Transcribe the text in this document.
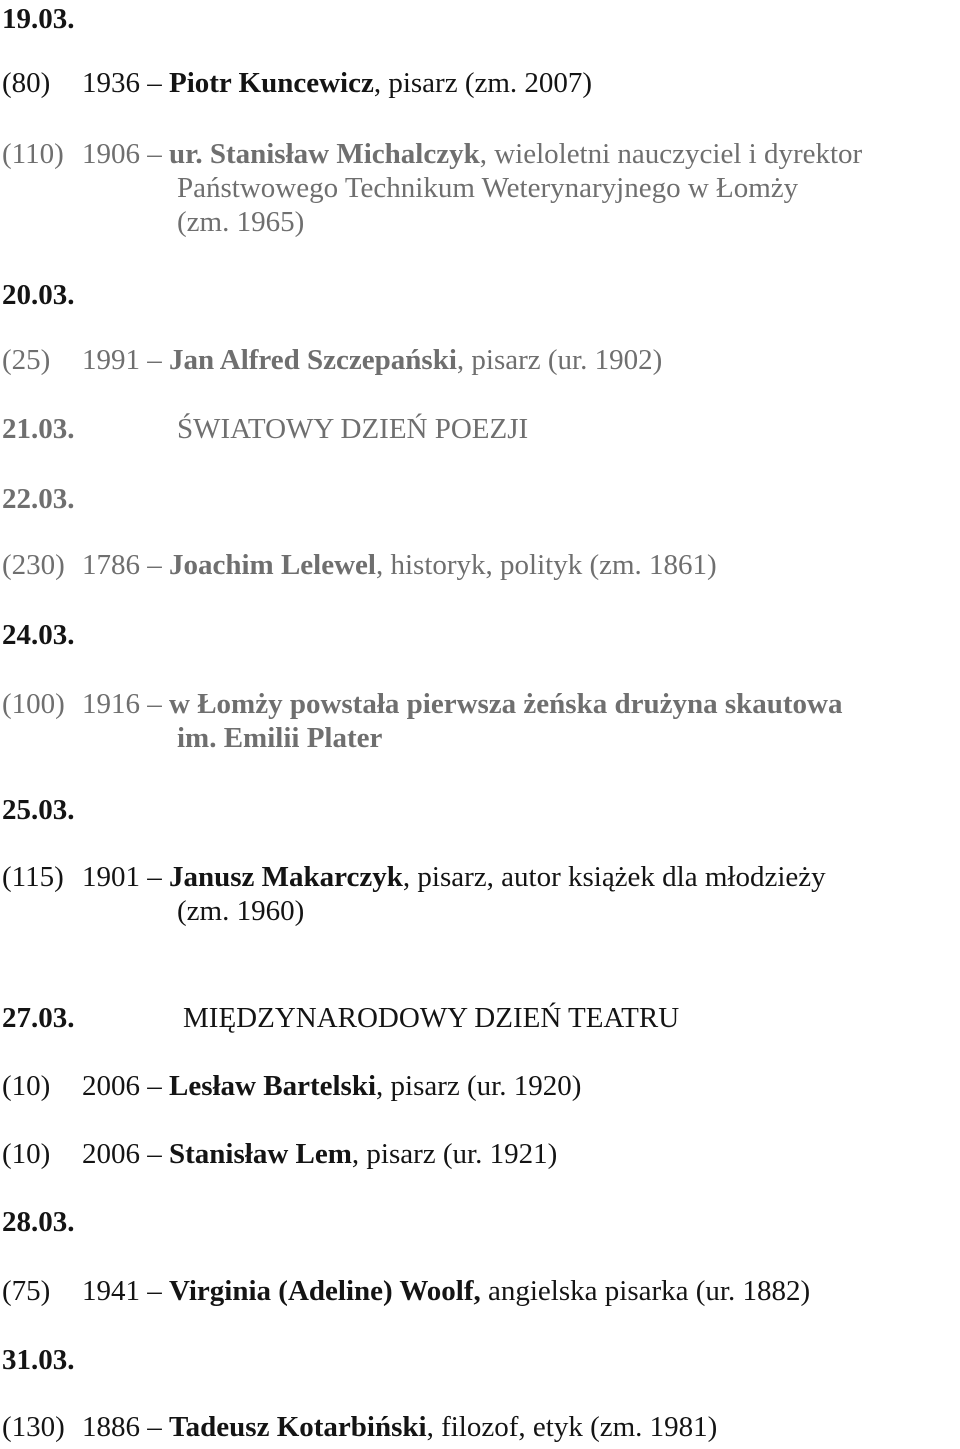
19.03.
(80) 1936 – Piotr Kuncewicz, pisarz (zm. 2007)
(110) 1906 – ur. Stanisław Michalczyk, wieloletni nauczyciel i dyrektor
Państwowego Technikum Weterynaryjnego w Łomży
(zm. 1965)
20.03.
(25) 1991 – Jan Alfred Szczepański, pisarz (ur. 1902)
21.03.	ŚWIATOWY DZIEŃ POEZJI
22.03.
(230) 1786 – Joachim Lelewel, historyk, polityk (zm. 1861)
24.03.
(100) 1916 – w Łomży powstała pierwsza żeńska drużyna skautowa
im. Emilii Plater
25.03.
(115) 1901 – Janusz Makarczyk, pisarz, autor książek dla młodzieży
(zm. 1960)
27.03.	MIĘDZYNARODOWY DZIEŃ TEATRU
(10) 2006 – Lesław Bartelski, pisarz (ur. 1920)
(10) 2006 – Stanisław Lem, pisarz (ur. 1921)
28.03.
(75) 1941 – Virginia (Adeline) Woolf, angielska pisarka (ur. 1882)
31.03.
(130) 1886 – Tadeusz Kotarbiński, filozof, etyk (zm. 1981)
